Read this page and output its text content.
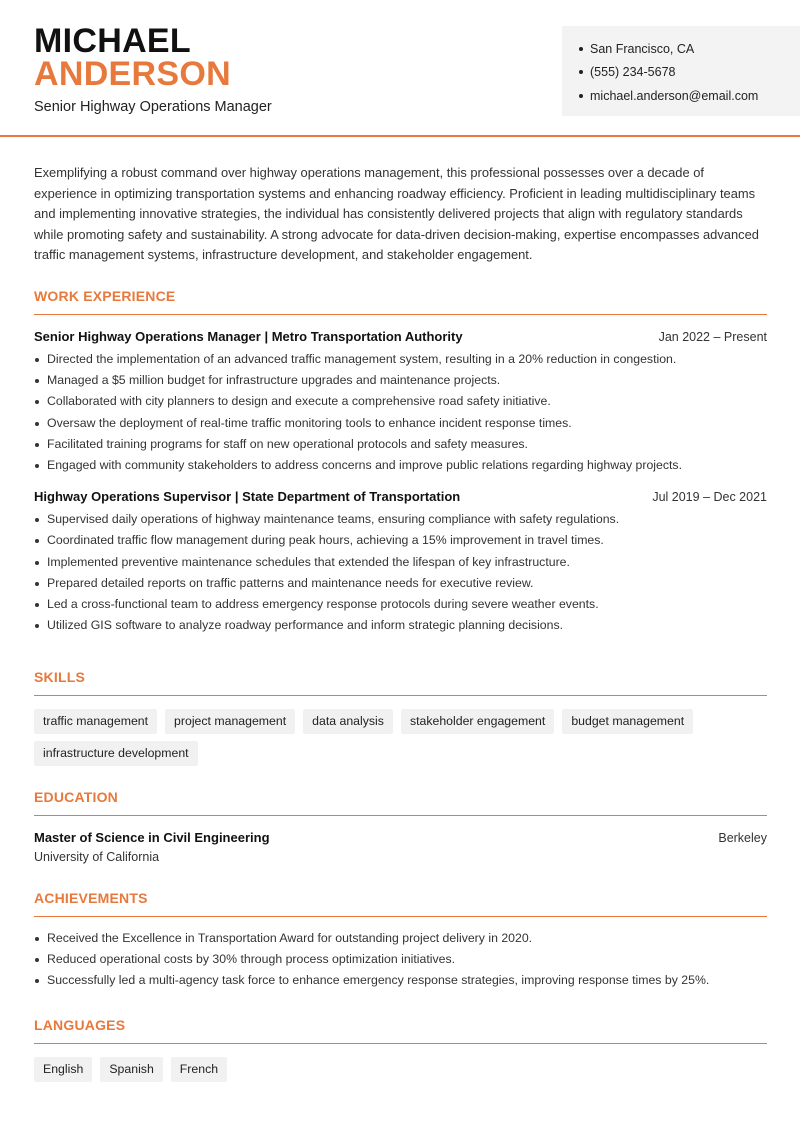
MICHAEL
ANDERSON
Senior Highway Operations Manager
San Francisco, CA
(555) 234-5678
michael.anderson@email.com

Exemplifying a robust command over highway operations management, this professional possesses over a decade of experience in optimizing transportation systems and enhancing roadway efficiency. Proficient in leading multidisciplinary teams and implementing innovative strategies, the individual has consistently delivered projects that align with regulatory standards while promoting safety and sustainability. A strong advocate for data-driven decision-making, expertise encompasses advanced traffic management systems, infrastructure development, and stakeholder engagement.

WORK EXPERIENCE
Senior Highway Operations Manager | Metro Transportation Authority	Jan 2022 – Present
Directed the implementation of an advanced traffic management system, resulting in a 20% reduction in congestion.
Managed a $5 million budget for infrastructure upgrades and maintenance projects.
Collaborated with city planners to design and execute a comprehensive road safety initiative.
Oversaw the deployment of real-time traffic monitoring tools to enhance incident response times.
Facilitated training programs for staff on new operational protocols and safety measures.
Engaged with community stakeholders to address concerns and improve public relations regarding highway projects.
Highway Operations Supervisor | State Department of Transportation	Jul 2019 – Dec 2021
Supervised daily operations of highway maintenance teams, ensuring compliance with safety regulations.
Coordinated traffic flow management during peak hours, achieving a 15% improvement in travel times.
Implemented preventive maintenance schedules that extended the lifespan of key infrastructure.
Prepared detailed reports on traffic patterns and maintenance needs for executive review.
Led a cross-functional team to address emergency response protocols during severe weather events.
Utilized GIS software to analyze roadway performance and inform strategic planning decisions.
SKILLS
traffic management	project management	data analysis	stakeholder engagement	budget management
infrastructure development
EDUCATION
Master of Science in Civil Engineering	Berkeley
University of California
ACHIEVEMENTS
Received the Excellence in Transportation Award for outstanding project delivery in 2020.
Reduced operational costs by 30% through process optimization initiatives.
Successfully led a multi-agency task force to enhance emergency response strategies, improving response times by 25%.
LANGUAGES
English	Spanish	French
